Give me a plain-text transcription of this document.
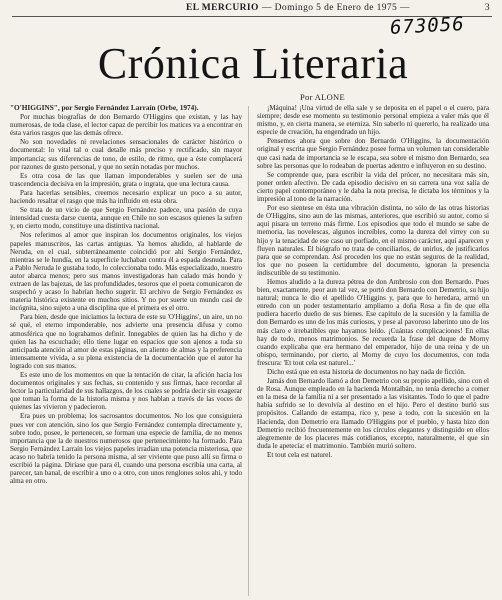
EL MERCURIO — Domingo 5 de Enero de 1975 —	3
673056
Crónica Literaria
Por ALONE

"O'HIGGINS", por Sergio Fernández Larraín (Orbe, 1974).

Por muchas biografías de don Bernardo O'Higgins que existan, y las hay numerosas, de toda clase, el lector capaz de percibir los matices va a encontrar en ésta varios rasgos que las demás ofrece.

No son novedades ni revelaciones sensacionales de carácter histórico o documental: lo vital tal o cual detalle más preciso y rectificado, sin mayor importancia; sus diferencias de tono, de estilo, de ritmo, que a éste complacerá por razones de gusto personal, y que no serán notadas por muchos.

Es otra cosa de las que llaman imponderables y suelen ser de una trascendencia decisiva en la impresión, grata o ingrata, que una lectura causa.

Para hacerlas sensibles, creemos necesario explicar un poco a su autor, haciendo resaltar el rasgo que más ha influido en esta obra.

Se trata de un vicio de que Sergio Fernández padece, una pasión de cuya intensidad cuesta darse cuenta, aunque en Chile no son escasos quienes la sufren y, en cierto modo, constituye una distintiva nacional.

Nos referimos al amor que inspiran los documentos originales, los viejos papeles manuscritos, las cartas antiguas. Ya hemos aludido, al hablarde de Neruda, en el cual, subterráneamente coincidió por ahí Sergio Fernández, mientras se le hundía, en la superficie luchaban contra él a espada desnuda. Para a Pablo Neruda le gustaba todo, lo coleccionaba todo. Más especializado, nuestro autor abarca menos; pero sus manos investigadoras han calado más hondo y extraen de las bajezas, de las profundidades, tesoros que el poeta comunicaron de sospechó y acaso lo habrían hecho sugerir. El archivo de Sergio Fernández es materia histórica existente en muchos sitios. Y no por suerte un mundo casi de incógnita, sino sujeto a una disciplina que el primera es el otro.

Para bien, desde que iniciamos la lectura de este su 'O'Higgins', un aire, un no sé qué, el eterno imponderable, nos advierte una presencia difusa y como atmosférica que no lograbamos definir. Innegables de quien las ha dicho y de quien las ha escuchado; ello tiene lugar en espacios que son ajenos a toda su anticipada atención al amor de estas páginas, un aliento de almas y la preferencia intensamente vivida, a su plena existencia de la documentación que el autor ha logrado con sus manos.

Es este uno de los momentos en que la tentación de citar, la afición hacia los documentos originales y sus fechas, su contenido y sus firmas, hace recordar al lector la particularidad de sus hallazgos, de los cuales se podría decir sin exagerar que toman la forma de la historia misma y nos hablan a través de las voces de quienes las vivieron y padecieron.

Era pues un problema; los sacrosantos documentos. No los que consiguiera pues ver con atención, sino los que Sergio Fernández contempla directamente y, sobre todo, posee, le pertenecen, se forman una especie de familia, de no menos importancia que la de nuestros numerosos que pertenecimiento ha formado. Para Sergio Fernández Larraín los viejos papeles irradian una potencia misteriosa, que acaso no habría tenido la persona misma, al ser viviente que puso allí su firma o escribió la página. Diríase que para él, cuando una persona escribía una carta, al parecer, tan banal, de escribir a uno o a otro, con unos renglones solos ahí, y todo alma en otro.

¡Máquina! ¡Una virtud de ella sale y se deposita en el papel o el cuero, para siempre; desde ese momento su testimonio personal empieza a valer más que él mismo, y, en cierta manera, se eterniza. Sin saberlo ni quererlo, ha realizado una especie de creación, ha engendrado un hijo.

Pensemos ahora que sobre don Bernardo O'Higgins, la documentación original y escrita que Sergio Fernández posee forma un volumen tan considerable que casi nada de importancia se le escapa, sea sobre el mismo don Bernardo, sea sobre las personas que lo rodeaban de puertas adentro e influyeron en su destino.

Se comprende que, para escribir la vida del prócer, no necesitara más sin, poner orden afectivo. De cada episodio decisivo en su carrera una voz salía de cierto papel contemporáneo y le daba la nota precisa, le dictaba los términos y la impresión al tono de la narración.

Por eso sientese en ésta una vibración distinta, no sólo de las otras historias de O'Higgins, sino aun de las mismas, anteriores, que escribió su autor, como si aquí pisara un terreno más firme. Los episodios que todo el mundo se sabe de memoria, las novelescas, algunos increíbles, como la dureza del virrey con su hijo y la tenacidad de ese caso un porfiado, en el mismo carácter, aquí aparecen y fluyen naturales. El biógrafo no trata de conciliarlos, de unirlos, de justificarlos para que se comprendan. Así proceden los que no están seguros de la realidad, los que no poseen la certidumbre del documento, ignoran la presencia indiscutible de su testimonio.

Hemos aludido a la dureza pétrea de don Ambrosio con don Bernardo. Pues bien, exactamente, peor aun tal vez, se portó don Bernardo con Demetrio, su hijo natural; nunca le dio el apellido O'Higgins y, para que lo heredara, armó un enredo con un poder testamentario ampliamo a doña Rosa a fin de que ella pudiera hacerlo dueño de sus bienes. Ese capítulo de la sucesión y la familia de don Bernardo es uno de los más curiosos, y pese al pavoroso laberinto uno de los más claro e irrebatibles que hayamos leído. ¡Cuántas complicaciones! En ellas hay de todo, menos matrimonios. Se recuerda la frase del duque de Morny cuando explicaba que era hermano del emperador, hijo de una reina y de un obispo, terminando, por cierto, al Morny de cuyo los documentos, con toda frescura: 'Et tout cela est naturel...'

Dicho está que en esta historia de documentos no hay nada de ficción.

Jamás don Bernardo llamó a don Demetrio con su propio apellido, sino con el de Rosa. Aunque empleado en la hacienda Montalbán, no tenía derecho a comer en la mesa de la familia ni a ser presentado a las visitantes. Todo lo que el padre había sufrido se lo devolvía al destino en el hijo. Pero el destino burló sus propósitos. Callando de estampa, rico y, pese a todo, con la sucesión en la Hacienda, don Demetrio era llamado O'Higgins por el pueblo, y hasta hizo don Demetrio recibió frecuentemente en los círculos elegantes y distinguido en ellos alegremente de los placeres más cotidianos, excepto, naturalmente, el que sin duda le apetecía: el matrimonio. También murió soltero.

Et tout cela est naturel.
